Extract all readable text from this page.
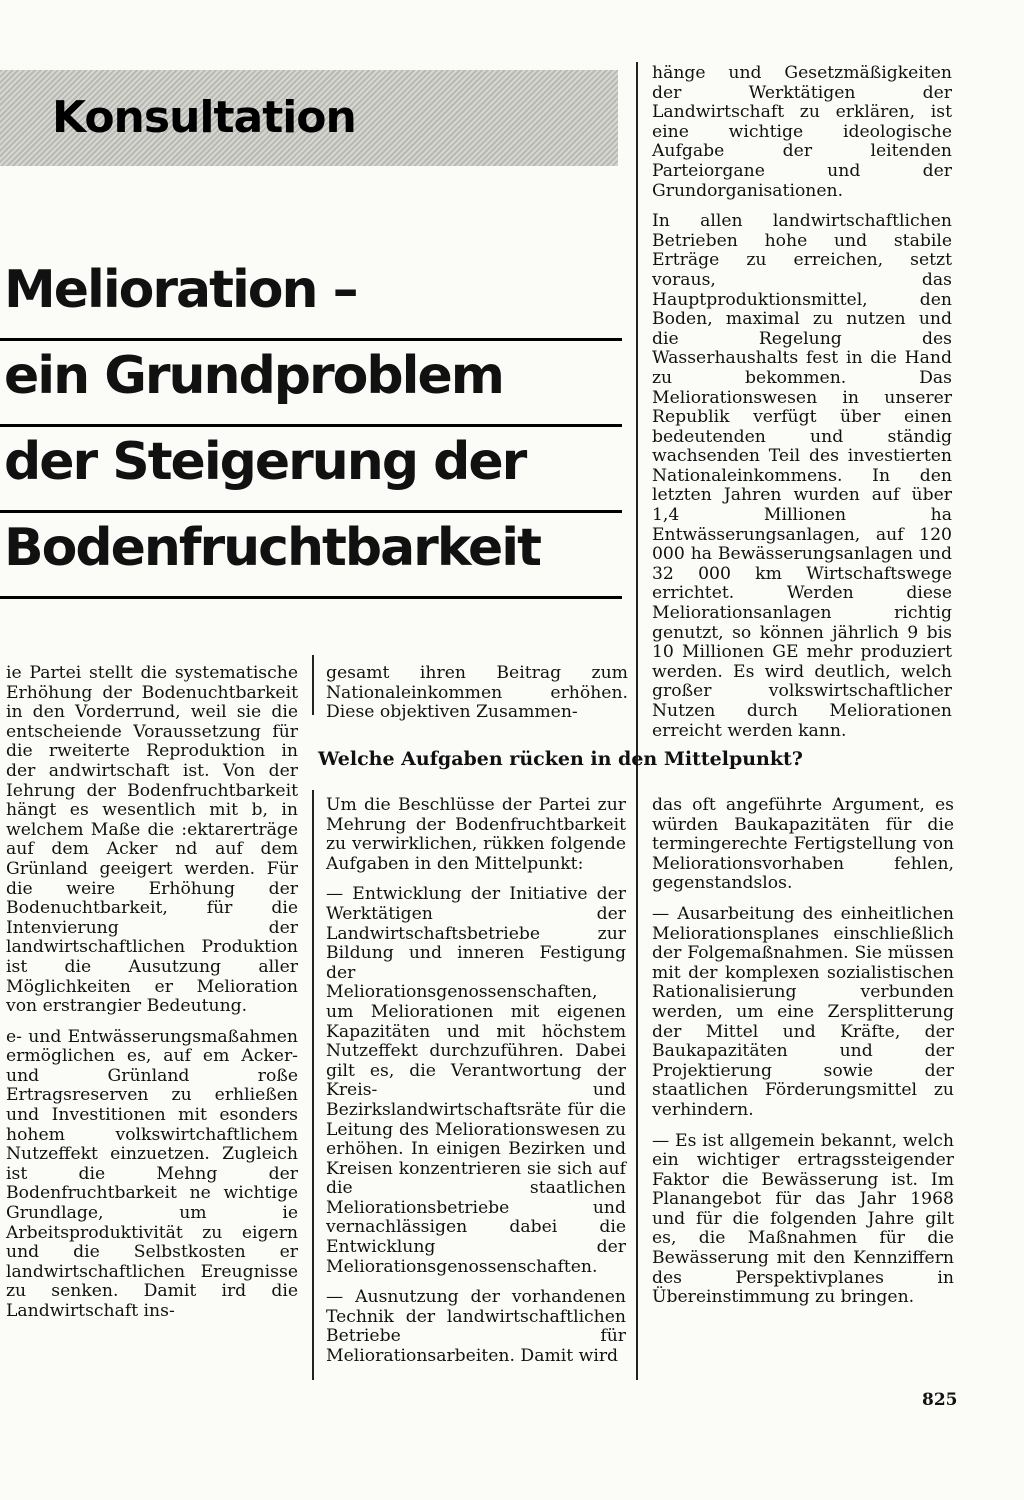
Konsultation
Melioration –
ein Grundproblem
der Steigerung der
Bodenfruchtbarkeit

hänge und Gesetzmäßigkeiten der Werktätigen der Landwirtschaft zu erklären, ist eine wichtige ideologische Aufgabe der leitenden Parteiorgane und der Grundorganisationen.

In allen landwirtschaftlichen Betrieben hohe und stabile Erträge zu erreichen, setzt voraus, das Hauptproduktionsmittel, den Boden, maximal zu nutzen und die Regelung des Wasserhaushalts fest in die Hand zu bekommen. Das Meliorationswesen in unserer Republik verfügt über einen bedeutenden und ständig wachsenden Teil des investierten Nationaleinkommens. In den letzten Jahren wurden auf über 1,4 Millionen ha Entwässerungsanlagen, auf 120 000 ha Bewässerungsanlagen und 32 000 km Wirtschaftswege errichtet. Werden diese Meliorationsanlagen richtig genutzt, so können jährlich 9 bis 10 Millionen GE mehr produziert werden. Es wird deutlich, welch großer volkswirtschaftlicher Nutzen durch Meliorationen erreicht werden kann.

ie Partei stellt die systematische Erhöhung der Bodenuchtbarkeit in den Vorderrund, weil sie die entscheiende Voraussetzung für die rweiterte Reproduktion in der andwirtschaft ist. Von der Iehrung der Bodenfruchtbarkeit hängt es wesentlich mit b, in welchem Maße die :ektarerträge auf dem Acker nd auf dem Grünland geeigert werden. Für die weire Erhöhung der Bodenuchtbarkeit, für die Intenvierung der landwirtschaftlichen Produktion ist die Ausutzung aller Möglichkeiten er Melioration von erstrangier Bedeutung.

e- und Entwässerungsmaßahmen ermöglichen es, auf em Acker- und Grünland roße Ertragsreserven zu erhließen und Investitionen mit esonders hohem volkswirtchaftlichem Nutzeffekt einzuetzen. Zugleich ist die Mehng der Bodenfruchtbarkeit ne wichtige Grundlage, um ie Arbeitsproduktivität zu eigern und die Selbstkosten er landwirtschaftlichen Ereugnisse zu senken. Damit ird die Landwirtschaft ins-

gesamt ihren Beitrag zum Nationaleinkommen erhöhen. Diese objektiven Zusammen-

Welche Aufgaben rücken in den Mittelpunkt?

Um die Beschlüsse der Partei zur Mehrung der Bodenfruchtbarkeit zu verwirklichen, rükken folgende Aufgaben in den Mittelpunkt:

— Entwicklung der Initiative der Werktätigen der Landwirtschaftsbetriebe zur Bildung und inneren Festigung der Meliorationsgenossenschaften, um Meliorationen mit eigenen Kapazitäten und mit höchstem Nutzeffekt durchzuführen. Dabei gilt es, die Verantwortung der Kreis- und Bezirkslandwirtschaftsräte für die Leitung des Meliorationswesen zu erhöhen. In einigen Bezirken und Kreisen konzentrieren sie sich auf die staatlichen Meliorationsbetriebe und vernachlässigen dabei die Entwicklung der Meliorationsgenossenschaften.

— Ausnutzung der vorhandenen Technik der landwirtschaftlichen Betriebe für Meliorationsarbeiten. Damit wird

das oft angeführte Argument, es würden Baukapazitäten für die termingerechte Fertigstellung von Meliorationsvorhaben fehlen, gegenstandslos.

— Ausarbeitung des einheitlichen Meliorationsplanes einschließlich der Folgemaßnahmen. Sie müssen mit der komplexen sozialistischen Rationalisierung verbunden werden, um eine Zersplitterung der Mittel und Kräfte, der Baukapazitäten und der Projektierung sowie der staatlichen Förderungsmittel zu verhindern.

— Es ist allgemein bekannt, welch ein wichtiger ertragssteigender Faktor die Bewässerung ist. Im Planangebot für das Jahr 1968 und für die folgenden Jahre gilt es, die Maßnahmen für die Bewässerung mit den Kennziffern des Perspektivplanes in Übereinstimmung zu bringen.

825
